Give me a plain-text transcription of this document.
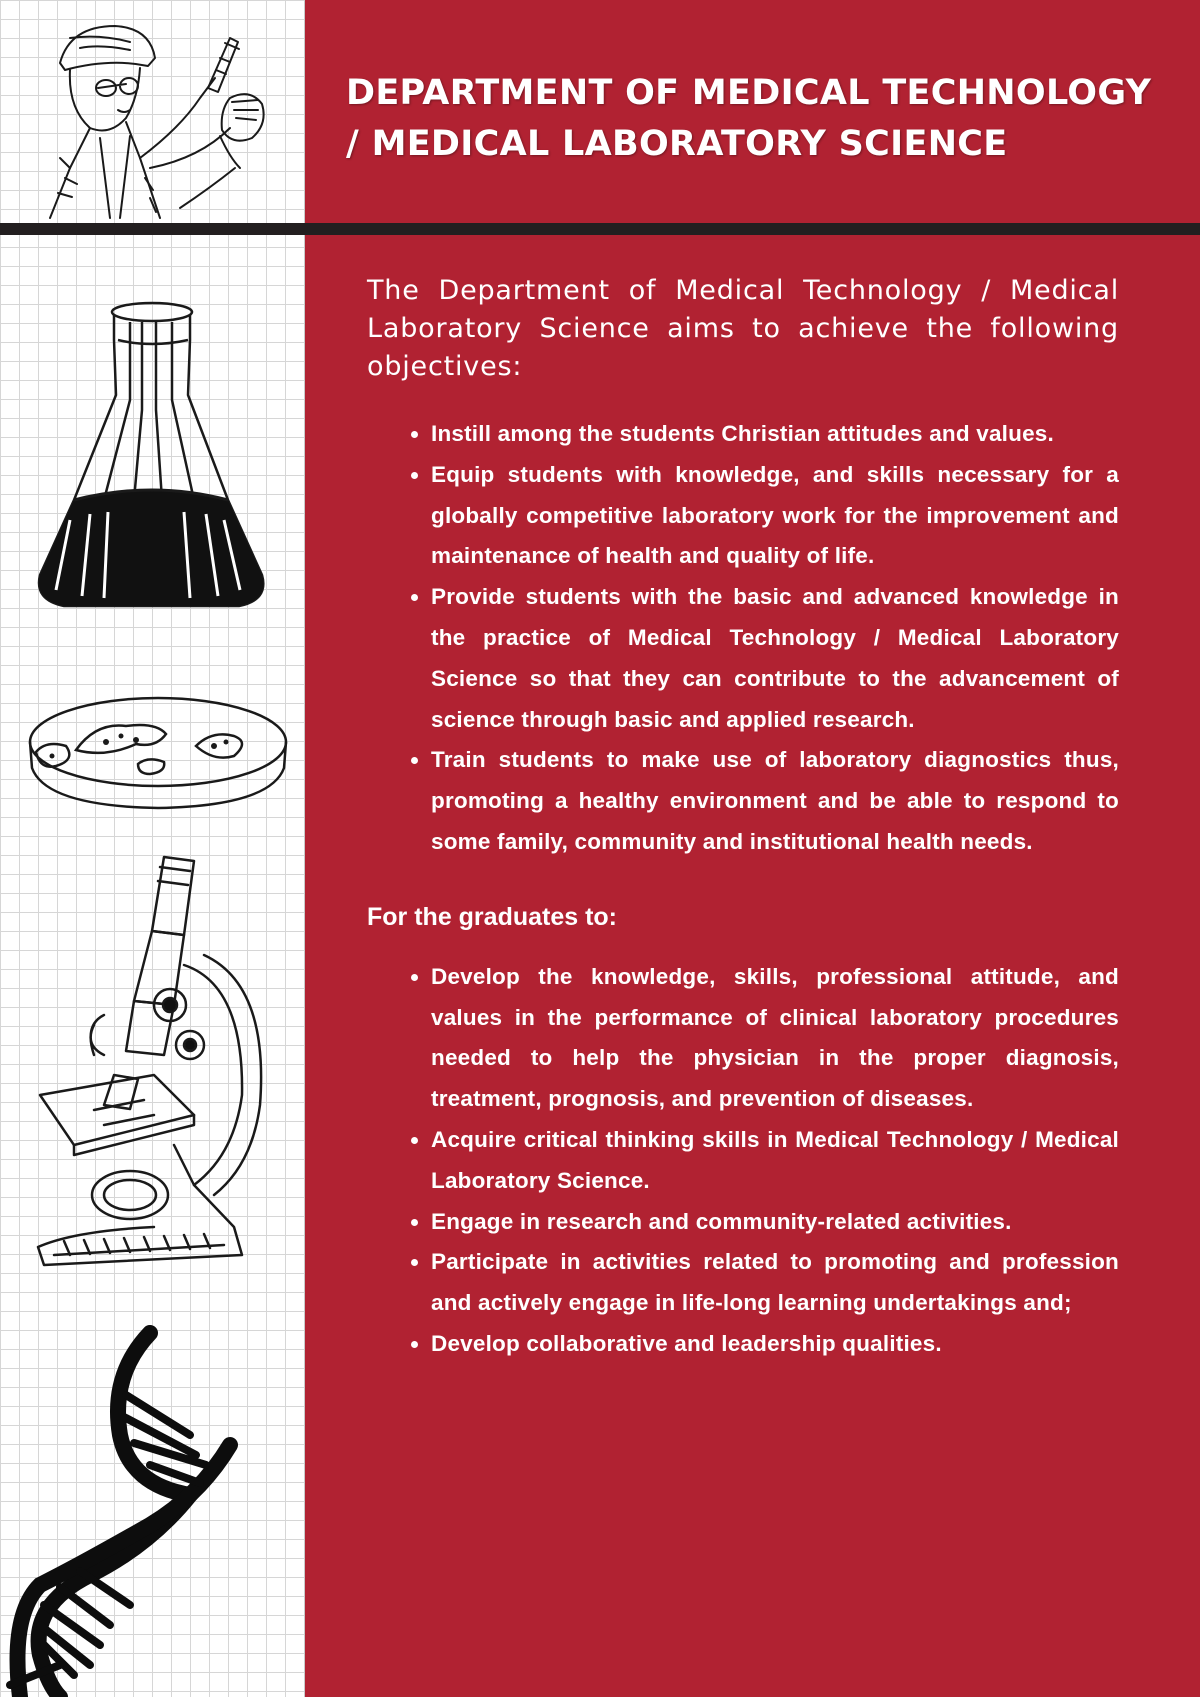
DEPARTMENT OF MEDICAL TECHNOLOGY / MEDICAL LABORATORY SCIENCE

The Department of Medical Technology / Medical Laboratory Science aims to achieve the following objectives:

• Instill among the students Christian attitudes and values.
• Equip students with knowledge, and skills necessary for a globally competitive laboratory work for the improvement and maintenance of health and quality of life.
• Provide students with the basic and advanced knowledge in the practice of Medical Technology / Medical Laboratory Science so that they can contribute to the advancement of science through basic and applied research.
• Train students to make use of laboratory diagnostics thus, promoting a healthy environment and be able to respond to some family, community and institutional health needs.
For the graduates to:
• Develop the knowledge, skills, professional attitude, and values in the performance of clinical laboratory procedures needed to help the physician in the proper diagnosis, treatment, prognosis, and prevention of diseases.
• Acquire critical thinking skills in Medical Technology / Medical Laboratory Science.
• Engage in research and community-related activities.
• Participate in activities related to promoting and profession and actively engage in life-long learning undertakings and;
• Develop collaborative and leadership qualities.
